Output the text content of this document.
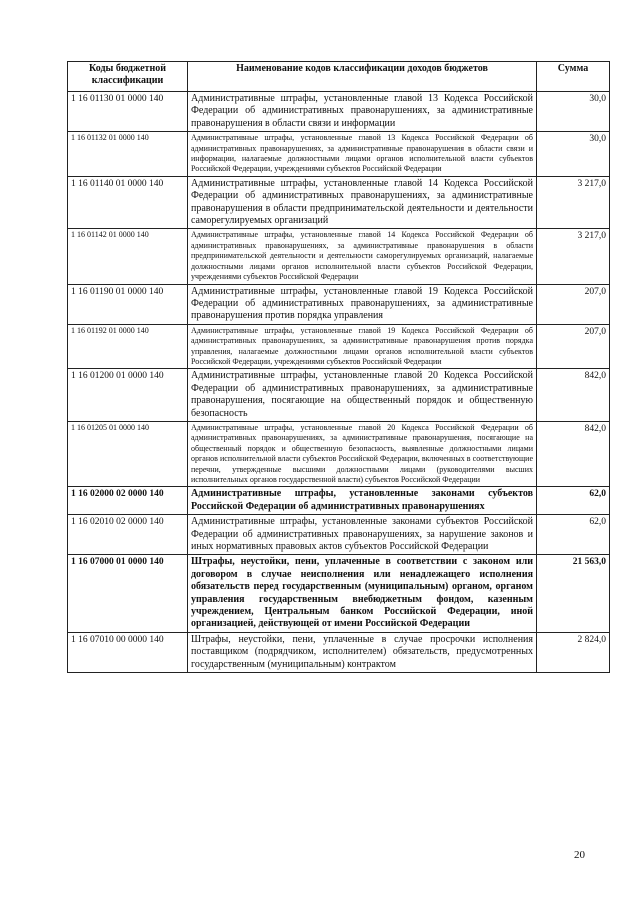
Коды бюджетной классификации	Наименование кодов классификации доходов бюджетов	Сумма
1 16 01130 01 0000 140	Административные штрафы, установленные главой 13 Кодекса Российской Федерации об административных правонарушениях, за административные правонарушения в области связи и информации	30,0
1 16 01132 01 0000 140	Административные штрафы, установленные главой 13 Кодекса Российской Федерации об административных правонарушениях, за административные правонарушения в области связи и информации, налагаемые должностными лицами органов исполнительной власти субъектов Российской Федерации, учреждениями субъектов Российской Федерации	30,0
1 16 01140 01 0000 140	Административные штрафы, установленные главой 14 Кодекса Российской Федерации об административных правонарушениях, за административные правонарушения в области предпринимательской деятельности и деятельности саморегулируемых организаций	3 217,0
1 16 01142 01 0000 140	Административные штрафы, установленные главой 14 Кодекса Российской Федерации об административных правонарушениях, за административные правонарушения в области предпринимательской деятельности и деятельности саморегулируемых организаций, налагаемые должностными лицами органов исполнительной власти субъектов Российской Федерации, учреждениями субъектов Российской Федерации	3 217,0
1 16 01190 01 0000 140	Административные штрафы, установленные главой 19 Кодекса Российской Федерации об административных правонарушениях, за административные правонарушения против порядка управления	207,0
1 16 01192 01 0000 140	Административные штрафы, установленные главой 19 Кодекса Российской Федерации об административных правонарушениях, за административные правонарушения против порядка управления, налагаемые должностными лицами органов исполнительной власти субъектов Российской Федерации, учреждениями субъектов Российской Федерации	207,0
1 16 01200 01 0000 140	Административные штрафы, установленные главой 20 Кодекса Российской Федерации об административных правонарушениях, за административные правонарушения, посягающие на общественный порядок и общественную безопасность	842,0
1 16 01205 01 0000 140	Административные штрафы, установленные главой 20 Кодекса Российской Федерации об административных правонарушениях, за административные правонарушения, посягающие на общественный порядок и общественную безопасность, выявленные должностными лицами органов исполнительной власти субъектов Российской Федерации, включенных в соответствующие перечни, утвержденные высшими должностными лицами (руководителями высших исполнительных органов государственной власти) субъектов Российской Федерации	842,0
1 16 02000 02 0000 140	Административные штрафы, установленные законами субъектов Российской Федерации об административных правонарушениях	62,0
1 16 02010 02 0000 140	Административные штрафы, установленные законами субъектов Российской Федерации об административных правонарушениях, за нарушение законов и иных нормативных правовых актов субъектов Российской Федерации	62,0
1 16 07000 01 0000 140	Штрафы, неустойки, пени, уплаченные в соответствии с законом или договором в случае неисполнения или ненадлежащего исполнения обязательств перед государственным (муниципальным) органом, органом управления государственным внебюджетным фондом, казенным учреждением, Центральным банком Российской Федерации, иной организацией, действующей от имени Российской Федерации	21 563,0
1 16 07010 00 0000 140	Штрафы, неустойки, пени, уплаченные в случае просрочки исполнения поставщиком (подрядчиком, исполнителем) обязательств, предусмотренных государственным (муниципальным) контрактом	2 824,0
20
